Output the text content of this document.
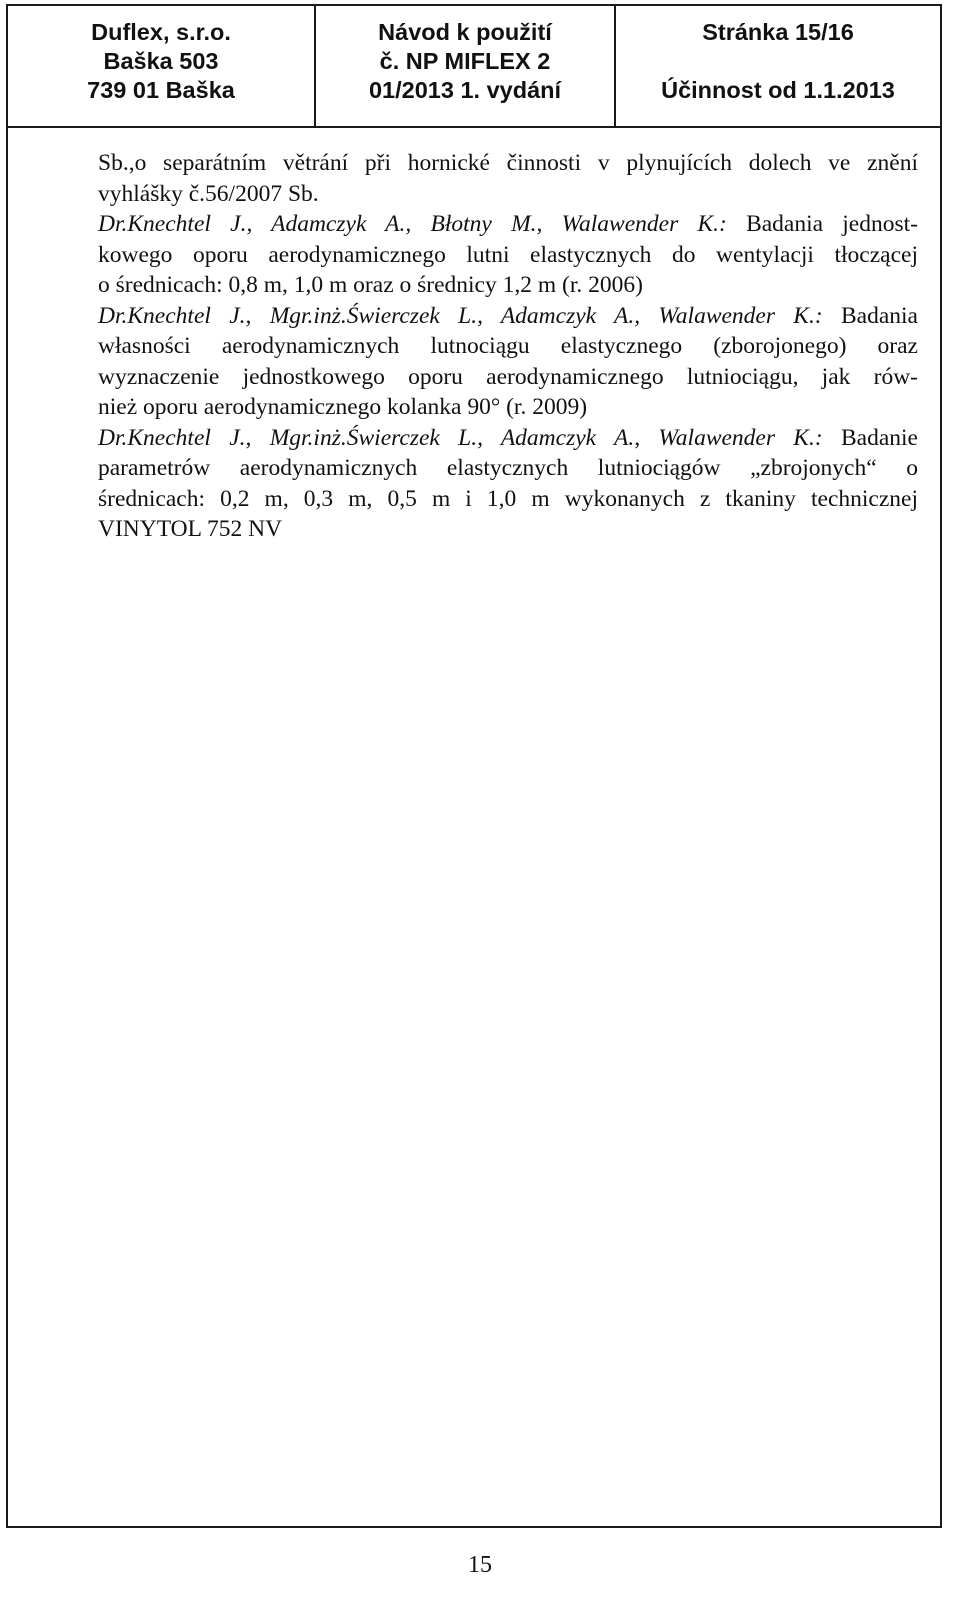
Duflex, s.r.o.
Baška 503
739 01 Baška
Návod k použití
č. NP MIFLEX 2
01/2013 1. vydání
Stránka 15/16
Účinnost od 1.1.2013
Sb.,o separátním větrání při hornické činnosti v plynujících dolech ve znění
vyhlášky č.56/2007 Sb.
Dr.Knechtel J., Adamczyk A., Błotny M., Walawender K.: Badania jednost-
kowego oporu aerodynamicznego lutni elastycznych do wentylacji tłoczącej
o średnicach: 0,8 m, 1,0 m oraz o średnicy 1,2 m (r. 2006)
Dr.Knechtel J., Mgr.inż.Świerczek L., Adamczyk A., Walawender K.: Badania
własności aerodynamicznych lutnociągu elastycznego (zborojonego) oraz
wyznaczenie jednostkowego oporu aerodynamicznego lutniociągu, jak rów-
nież oporu aerodynamicznego kolanka 90° (r. 2009)
Dr.Knechtel J., Mgr.inż.Świerczek L., Adamczyk A., Walawender K.: Badanie
parametrów aerodynamicznych elastycznych lutniociągów „zbrojonych“ o
średnicach: 0,2 m, 0,3 m, 0,5 m i 1,0 m wykonanych z tkaniny technicznej
VINYTOL 752 NV
15
